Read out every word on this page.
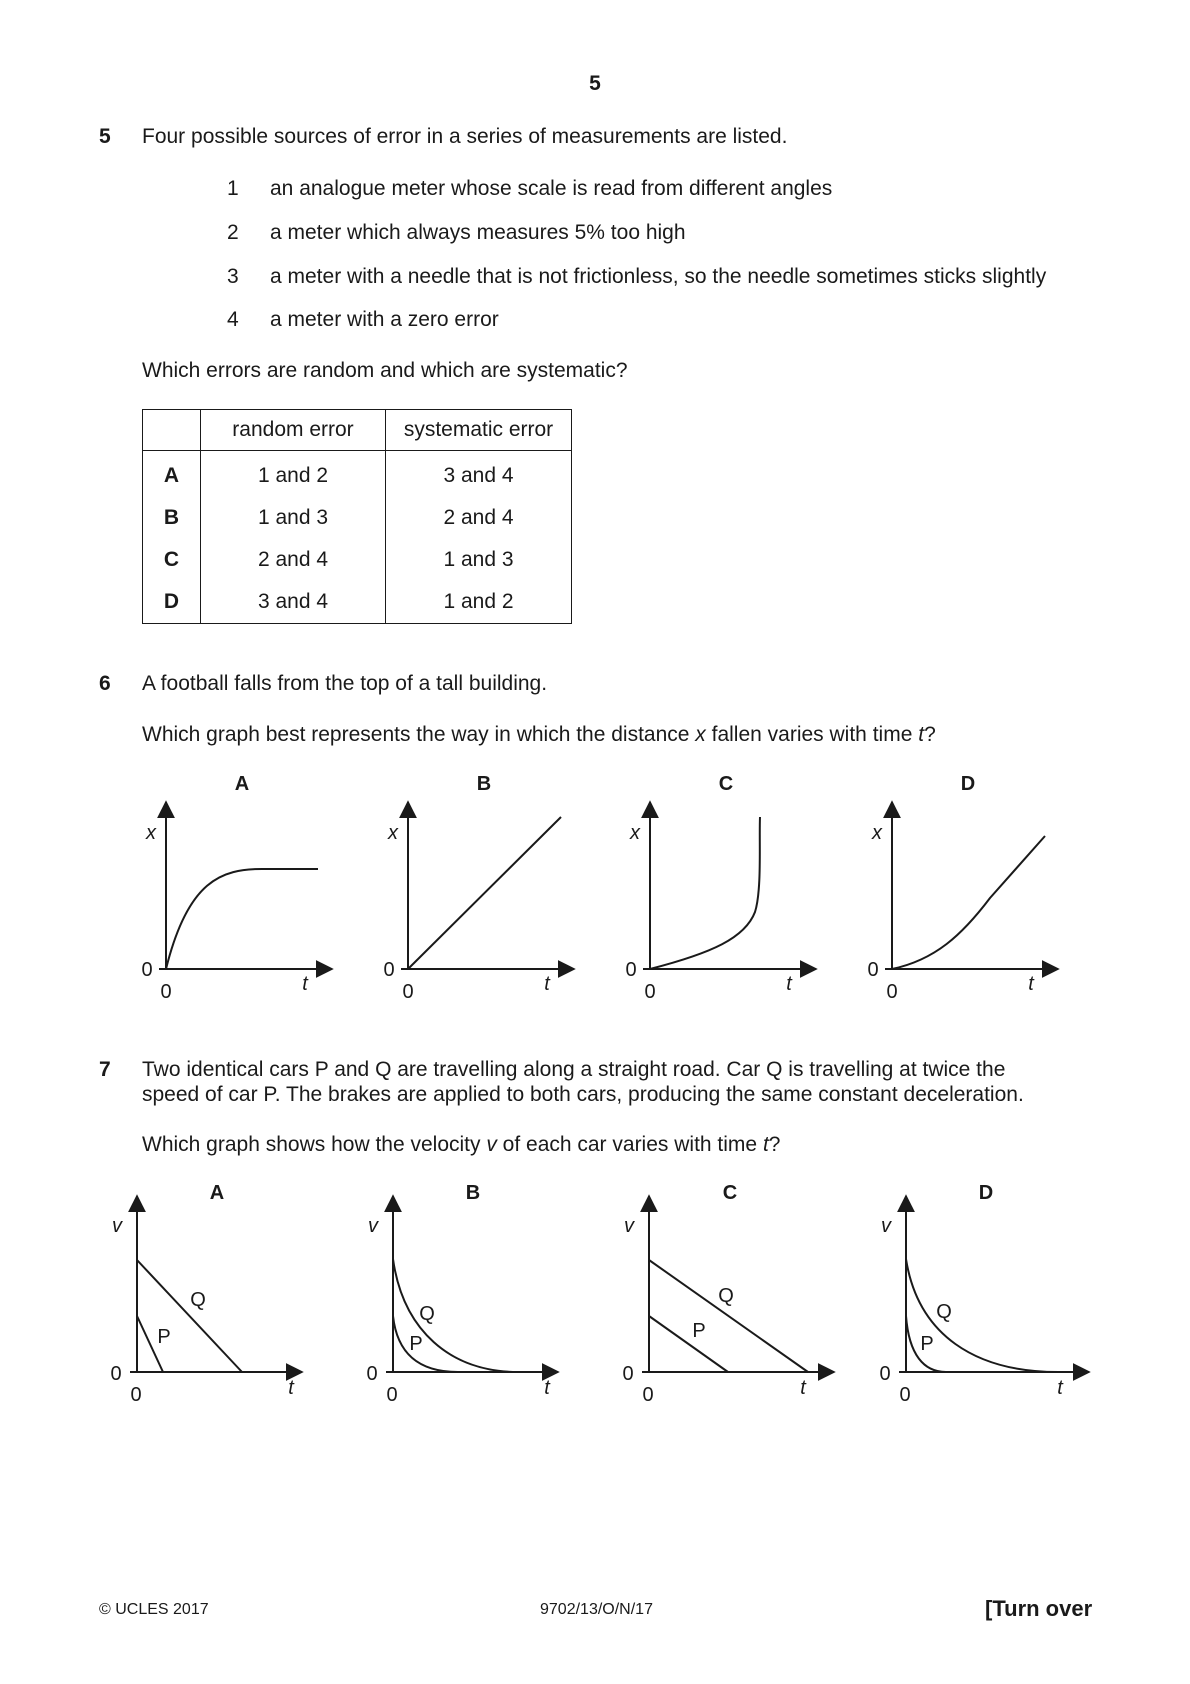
5
5 Four possible sources of error in a series of measurements are listed.
1 an analogue meter whose scale is read from different angles
2 a meter which always measures 5% too high
3 a meter with a needle that is not frictionless, so the needle sometimes sticks slightly
4 a meter with a zero error
Which errors are random and which are systematic?
	random error	systematic error
A	1 and 2	3 and 4
B	1 and 3	2 and 4
C	2 and 4	1 and 3
D	3 and 4	1 and 2
6 A football falls from the top of a tall building.
Which graph best represents the way in which the distance x fallen varies with time t?
A
x
t
0
0
B
x
t
0
0
C
x
t
0
0
D
x
t
0
0
7 Two identical cars P and Q are travelling along a straight road. Car Q is travelling at twice the
speed of car P. The brakes are applied to both cars, producing the same constant deceleration.
Which graph shows how the velocity v of each car varies with time t?
A
v
t
0
0
Q
P
B
v
t
0
0
Q
P
C
v
t
0
0
Q
P
D
v
t
0
0
Q
P
© UCLES 2017	9702/13/O/N/17	[Turn over
